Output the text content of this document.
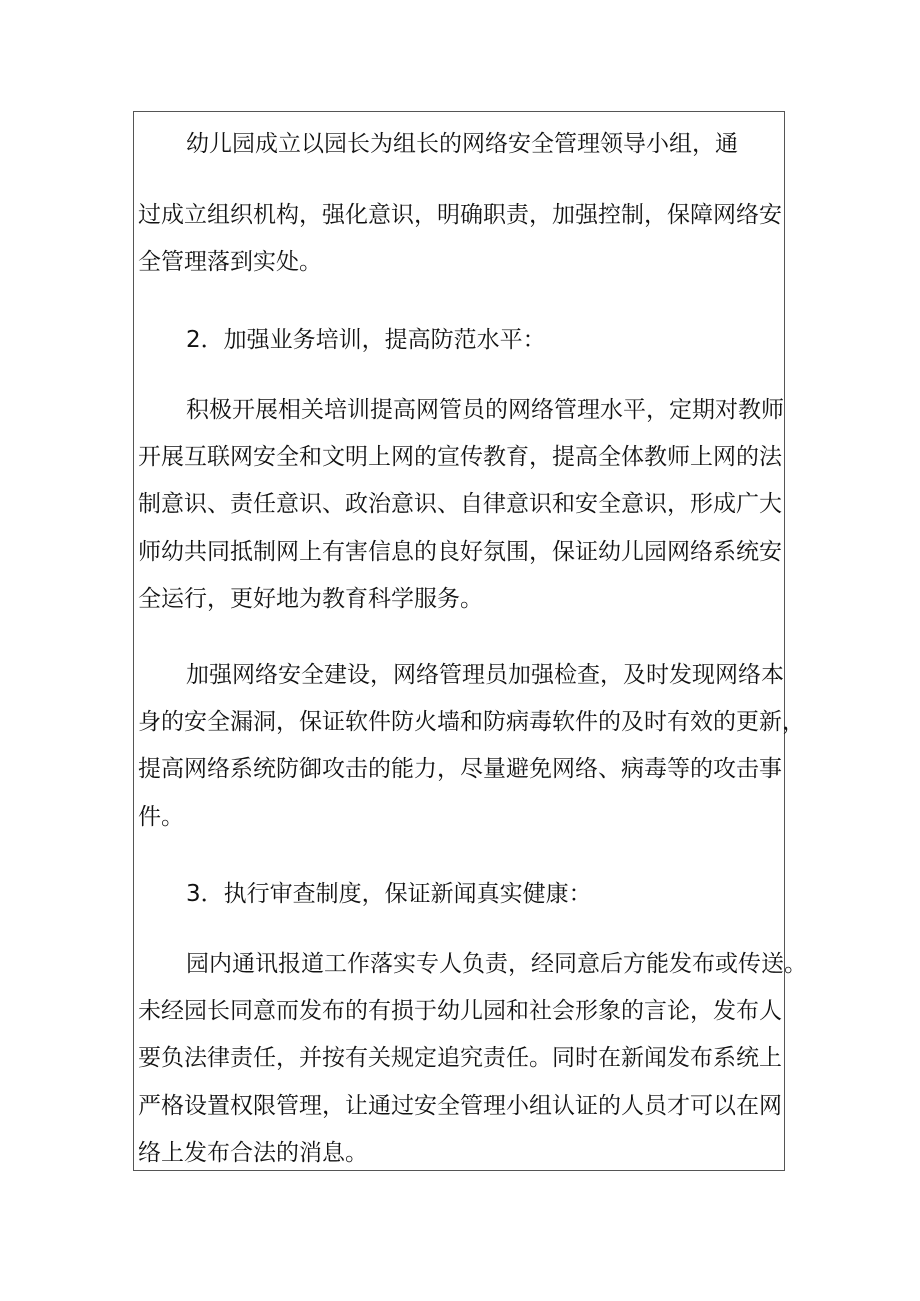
幼儿园成立以园长为组长的网络安全管理领导小组，通
过成立组织机构，强化意识，明确职责，加强控制，保障网络安
全管理落到实处。
2．加强业务培训，提高防范水平：
积极开展相关培训提高网管员的网络管理水平，定期对教师
开展互联网安全和文明上网的宣传教育，提高全体教师上网的法
制意识、责任意识、政治意识、自律意识和安全意识，形成广大
师幼共同抵制网上有害信息的良好氛围，保证幼儿园网络系统安
全运行，更好地为教育科学服务。
加强网络安全建设，网络管理员加强检查，及时发现网络本
身的安全漏洞，保证软件防火墙和防病毒软件的及时有效的更新，
提高网络系统防御攻击的能力，尽量避免网络、病毒等的攻击事
件。
3．执行审查制度，保证新闻真实健康：
园内通讯报道工作落实专人负责，经同意后方能发布或传送。
未经园长同意而发布的有损于幼儿园和社会形象的言论，发布人
要负法律责任，并按有关规定追究责任。同时在新闻发布系统上
严格设置权限管理，让通过安全管理小组认证的人员才可以在网
络上发布合法的消息。
